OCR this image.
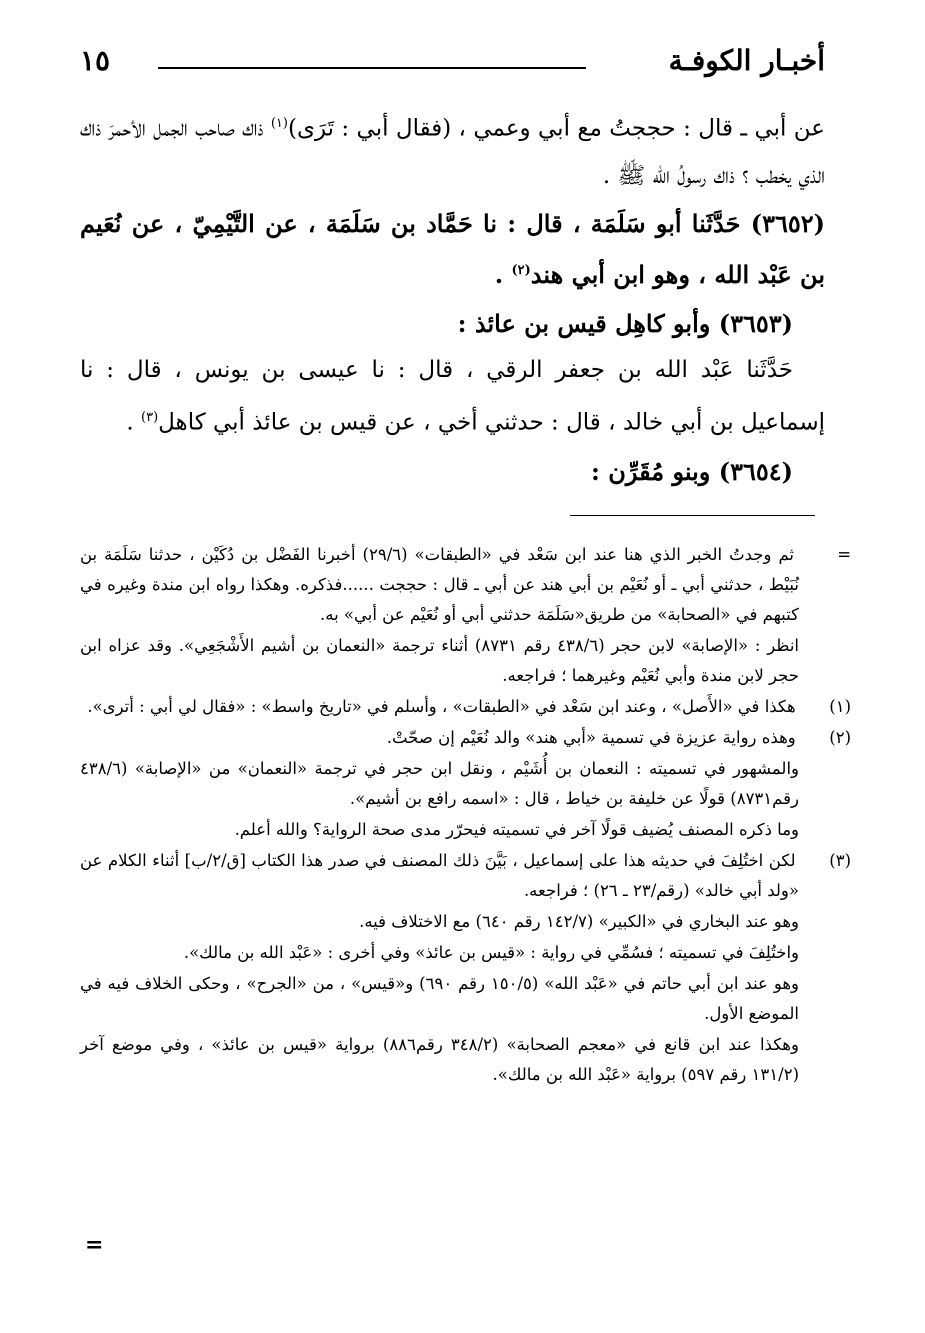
أخبـار الكوفـة
١٥

عن أبي ـ قال : حججتُ مع أبي وعمي ، (فقال أبي : تَرَى)$^{(١)}$ ذاك صاحب الجمل الأحمرَ ذاك الذي يخطب ؟ ذاك رسولُ الله ﷺ .

(٣٦٥٢) حَدَّثَنا أبو سَلَمَة ، قال : نا حَمَّاد بن سَلَمَة ، عن التَّيْمِيّ ، عن نُعَيم بن عَبْد الله ، وهو ابن أبي هند$^{(٢)}$ .

(٣٦٥٣) وأبو كاهِل قيس بن عائذ :

حَدَّثَنا عَبْد الله بن جعفر الرقي ، قال : نا عيسى بن يونس ، قال : نا إسماعيل بن أبي خالد ، قال : حدثني أخي ، عن قيس بن عائذ أبي كاهل$^{(٣)}$ .

(٣٦٥٤) وبنو مُقَرِّن :

= ثم وجدتُ الخبر الذي هنا عند ابن سَعْد في «الطبقات» (٢٩/٦) أخبرنا الفَضْل بن دُكَيْن ، حدثنا سَلَمَة بن نُبَيْط ، حدثني أبي ـ أو نُعَيْم بن أبي هند عن أبي ـ قال : حججت ......فذكره. وهكذا رواه ابن مندة وغيره في كتبهم في «الصحابة» من طريق«سَلَمَة حدثني أبي أو نُعَيْم عن أبي» به.

انظر : «الإصابة» لابن حجر (٤٣٨/٦ رقم ٨٧٣١) أثناء ترجمة «النعمان بن أشيم الأَشْجَعِي». وقد عزاه ابن حجر لابن مندة وأبي نُعَيْم وغيرهما ؛ فراجعه.

(١) هكذا في «الأَصل» ، وعند ابن سَعْد في «الطبقات» ، وأسلم في «تاريخ واسط» : «فقال لي أبي : أترى».

(٢) وهذه رواية عزيزة في تسمية «أبي هند» والد نُعَيْم إن صحّتْ.

والمشهور في تسميته : النعمان بن أُشَيْم ، ونقل ابن حجر في ترجمة «النعمان» من «الإصابة» (٤٣٨/٦ رقم٨٧٣١) قولًا عن خليفة بن خياط ، قال : «اسمه رافع بن أشيم».

وما ذكره المصنف يُضيف قولًا آخر في تسميته فيحرّر مدى صحة الرواية؟ والله أعلم.

(٣) لكن اختُلِفَ في حديثه هذا على إسماعيل ، بَيَّنَ ذلك المصنف في صدر هذا الكتاب [ق/٢/ب] أثناء الكلام عن «ولد أبي خالد» (رقم/٢٣ ـ ٢٦) ؛ فراجعه.

وهو عند البخاري في «الكبير» (١٤٢/٧ رقم ٦٤٠) مع الاختلاف فيه.

واختُلِفَ في تسميته ؛ فسُمِّي في رواية : «قيس بن عائذ» وفي أخرى : «عَبْد الله بن مالك».

وهو عند ابن أبي حاتم في «عَبْد الله» (١٥٠/٥ رقم ٦٩٠) و«قيس» ، من «الجرح» ، وحكى الخلاف فيه في الموضع الأول.

وهكذا عند ابن قانع في «معجم الصحابة» (٣٤٨/٢ رقم٨٨٦) برواية «قيس بن عائذ» ، وفي موضع آخر (١٣١/٢ رقم ٥٩٧) برواية «عَبْد الله بن مالك».

=
